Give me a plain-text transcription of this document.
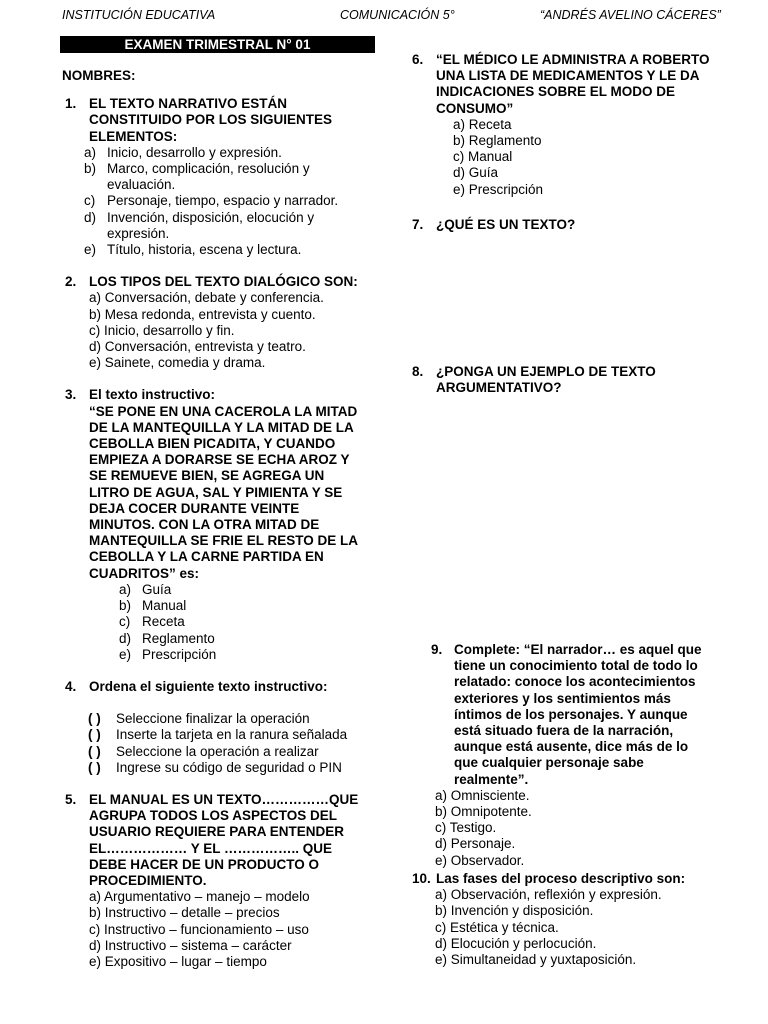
INSTITUCIÓN EDUCATIVA	COMUNICACIÓN 5°	“ANDRÉS AVELINO CÁCERES”
EXAMEN TRIMESTRAL N° 01
NOMBRES:
1. EL TEXTO NARRATIVO ESTÁN
CONSTITUIDO POR LOS SIGUIENTES
ELEMENTOS:
a) Inicio, desarrollo y expresión.
b) Marco, complicación, resolución y
evaluación.
c) Personaje, tiempo, espacio y narrador.
d) Invención, disposición, elocución y
expresión.
e) Título, historia, escena y lectura.
2. LOS TIPOS DEL TEXTO DIALÓGICO SON:
a) Conversación, debate y conferencia.
b) Mesa redonda, entrevista y cuento.
c) Inicio, desarrollo y fin.
d) Conversación, entrevista y teatro.
e) Sainete, comedia y drama.
3. El texto instructivo:
“SE PONE EN UNA CACEROLA LA MITAD
DE LA MANTEQUILLA Y LA MITAD DE LA
CEBOLLA BIEN PICADITA, Y CUANDO
EMPIEZA A DORARSE SE ECHA AROZ Y
SE REMUEVE BIEN, SE AGREGA UN
LITRO DE AGUA, SAL Y PIMIENTA Y SE
DEJA COCER DURANTE VEINTE
MINUTOS. CON LA OTRA MITAD DE
MANTEQUILLA SE FRIE EL RESTO DE LA
CEBOLLA Y LA CARNE PARTIDA EN
CUADRITOS” es:
a) Guía
b) Manual
c) Receta
d) Reglamento
e) Prescripción
4. Ordena el siguiente texto instructivo:
( ) Seleccione finalizar la operación
( ) Inserte la tarjeta en la ranura señalada
( ) Seleccione la operación a realizar
( ) Ingrese su código de seguridad o PIN
5. EL MANUAL ES UN TEXTO……………QUE
AGRUPA TODOS LOS ASPECTOS DEL
USUARIO REQUIERE PARA ENTENDER
EL……………… Y EL …………….. QUE
DEBE HACER DE UN PRODUCTO O
PROCEDIMIENTO.
a) Argumentativo – manejo – modelo
b) Instructivo – detalle – precios
c) Instructivo – funcionamiento – uso
d) Instructivo – sistema – carácter
e) Expositivo – lugar – tiempo
6. “EL MÉDICO LE ADMINISTRA A ROBERTO
UNA LISTA DE MEDICAMENTOS Y LE DA
INDICACIONES SOBRE EL MODO DE
CONSUMO”
a) Receta
b) Reglamento
c) Manual
d) Guía
e) Prescripción
7. ¿QUÉ ES UN TEXTO?
8. ¿PONGA UN EJEMPLO DE TEXTO
ARGUMENTATIVO?
9. Complete: “El narrador… es aquel que
tiene un conocimiento total de todo lo
relatado: conoce los acontecimientos
exteriores y los sentimientos más
íntimos de los personajes. Y aunque
está situado fuera de la narración,
aunque está ausente, dice más de lo
que cualquier personaje sabe
realmente”.
a) Omnisciente.
b) Omnipotente.
c) Testigo.
d) Personaje.
e) Observador.
10. Las fases del proceso descriptivo son:
a) Observación, reflexión y expresión.
b) Invención y disposición.
c) Estética y técnica.
d) Elocución y perlocución.
e) Simultaneidad y yuxtaposición.
